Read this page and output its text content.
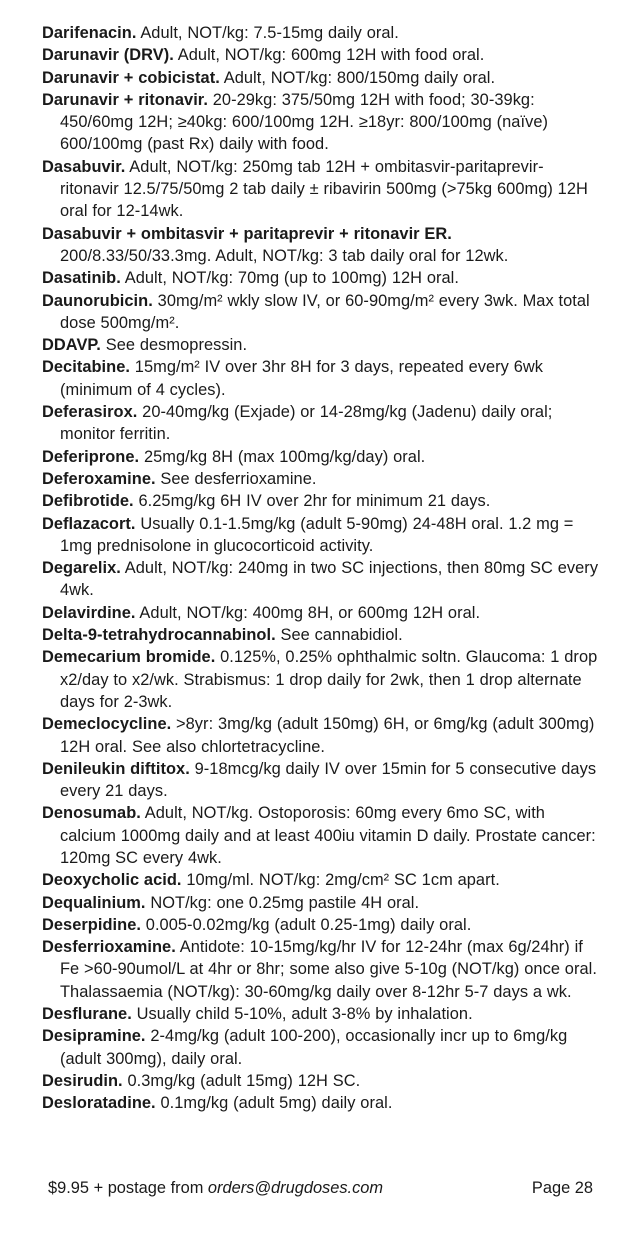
Darifenacin. Adult, NOT/kg: 7.5-15mg daily oral.
Darunavir (DRV). Adult, NOT/kg: 600mg 12H with food oral.
Darunavir + cobicistat. Adult, NOT/kg: 800/150mg daily oral.
Darunavir + ritonavir. 20-29kg: 375/50mg 12H with food; 30-39kg: 450/60mg 12H; ≥40kg: 600/100mg 12H. ≥18yr: 800/100mg (naïve) 600/100mg (past Rx) daily with food.
Dasabuvir. Adult, NOT/kg: 250mg tab 12H + ombitasvir-paritaprevir-ritonavir 12.5/75/50mg 2 tab daily ± ribavirin 500mg (>75kg 600mg) 12H oral for 12-14wk.
Dasabuvir + ombitasvir + paritaprevir + ritonavir ER. 200/8.33/50/33.3mg. Adult, NOT/kg: 3 tab daily oral for 12wk.
Dasatinib. Adult, NOT/kg: 70mg (up to 100mg) 12H oral.
Daunorubicin. 30mg/m² wkly slow IV, or 60-90mg/m² every 3wk. Max total dose 500mg/m².
DDAVP. See desmopressin.
Decitabine. 15mg/m² IV over 3hr 8H for 3 days, repeated every 6wk (minimum of 4 cycles).
Deferasirox. 20-40mg/kg (Exjade) or 14-28mg/kg (Jadenu) daily oral; monitor ferritin.
Deferiprone. 25mg/kg 8H (max 100mg/kg/day) oral.
Deferoxamine. See desferrioxamine.
Defibrotide. 6.25mg/kg 6H IV over 2hr for minimum 21 days.
Deflazacort. Usually 0.1-1.5mg/kg (adult 5-90mg) 24-48H oral. 1.2 mg = 1mg prednisolone in glucocorticoid activity.
Degarelix. Adult, NOT/kg: 240mg in two SC injections, then 80mg SC every 4wk.
Delavirdine. Adult, NOT/kg: 400mg 8H, or 600mg 12H oral.
Delta-9-tetrahydrocannabinol. See cannabidiol.
Demecarium bromide. 0.125%, 0.25% ophthalmic soltn. Glaucoma: 1 drop x2/day to x2/wk. Strabismus: 1 drop daily for 2wk, then 1 drop alternate days for 2-3wk.
Demeclocycline. >8yr: 3mg/kg (adult 150mg) 6H, or 6mg/kg (adult 300mg) 12H oral. See also chlortetracycline.
Denileukin diftitox. 9-18mcg/kg daily IV over 15min for 5 consecutive days every 21 days.
Denosumab. Adult, NOT/kg. Ostoporosis: 60mg every 6mo SC, with calcium 1000mg daily and at least 400iu vitamin D daily. Prostate cancer: 120mg SC every 4wk.
Deoxycholic acid. 10mg/ml. NOT/kg: 2mg/cm² SC 1cm apart.
Dequalinium. NOT/kg: one 0.25mg pastile 4H oral.
Deserpidine. 0.005-0.02mg/kg (adult 0.25-1mg) daily oral.
Desferrioxamine. Antidote: 10-15mg/kg/hr IV for 12-24hr (max 6g/24hr) if Fe >60-90umol/L at 4hr or 8hr; some also give 5-10g (NOT/kg) once oral. Thalassaemia (NOT/kg): 30-60mg/kg daily over 8-12hr 5-7 days a wk.
Desflurane. Usually child 5-10%, adult 3-8% by inhalation.
Desipramine. 2-4mg/kg (adult 100-200), occasionally incr up to 6mg/kg (adult 300mg), daily oral.
Desirudin. 0.3mg/kg (adult 15mg) 12H SC.
Desloratadine. 0.1mg/kg (adult 5mg) daily oral.
$9.95 + postage from orders@drugdoses.com	Page 28
